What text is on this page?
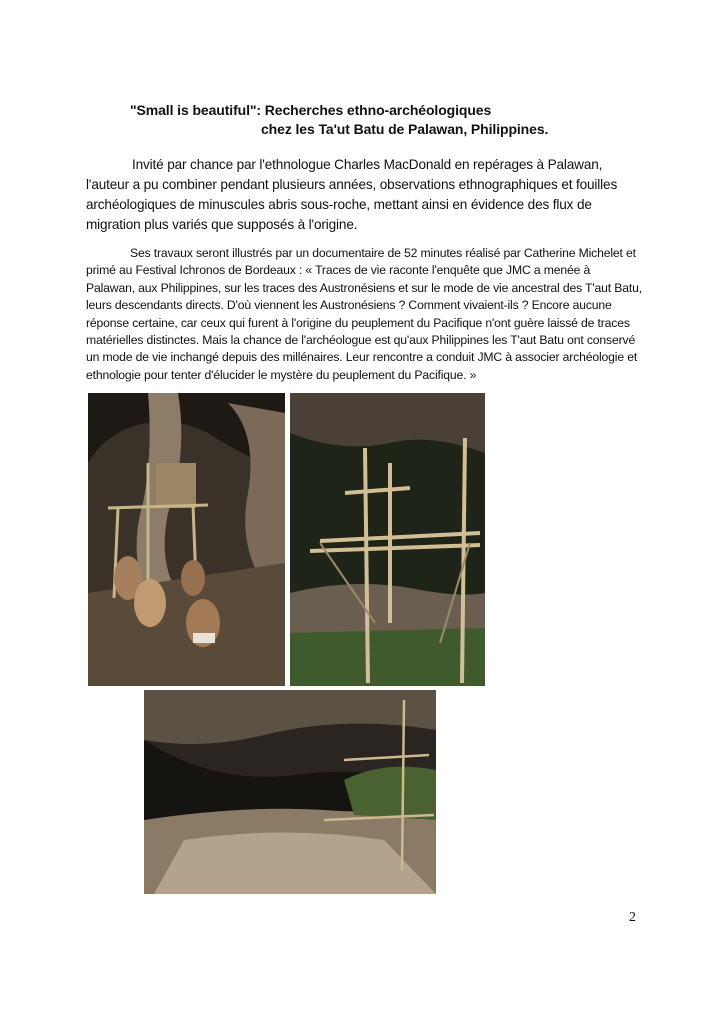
"Small is beautiful": Recherches ethno-archéologiques
chez les Ta'ut Batu de Palawan, Philippines.

Invité par chance par l'ethnologue Charles MacDonald en repérages à Palawan, l'auteur a pu combiner pendant plusieurs années, observations ethnographiques et fouilles archéologiques de minuscules abris sous-roche, mettant ainsi en évidence des flux de migration plus variés que supposés à l'origine.

Ses travaux seront illustrés par un documentaire de 52 minutes réalisé par Catherine Michelet et primé au Festival Ichronos de Bordeaux : « Traces de vie raconte l'enquête que JMC a menée à Palawan, aux Philippines, sur les traces des Austronésiens et sur le mode de vie ancestral des T'aut Batu, leurs descendants directs. D'où viennent les Austronésiens ? Comment vivaient-ils ? Encore aucune réponse certaine, car ceux qui furent à l'origine du peuplement du Pacifique n'ont guère laissé de traces matérielles distinctes. Mais la chance de l'archéologue est qu'aux Philippines les T'aut Batu ont conservé un mode de vie inchangé depuis des millénaires. Leur rencontre a conduit JMC à associer archéologie et ethnologie pour tenter d'élucider le mystère du peuplement du Pacifique. »

2
